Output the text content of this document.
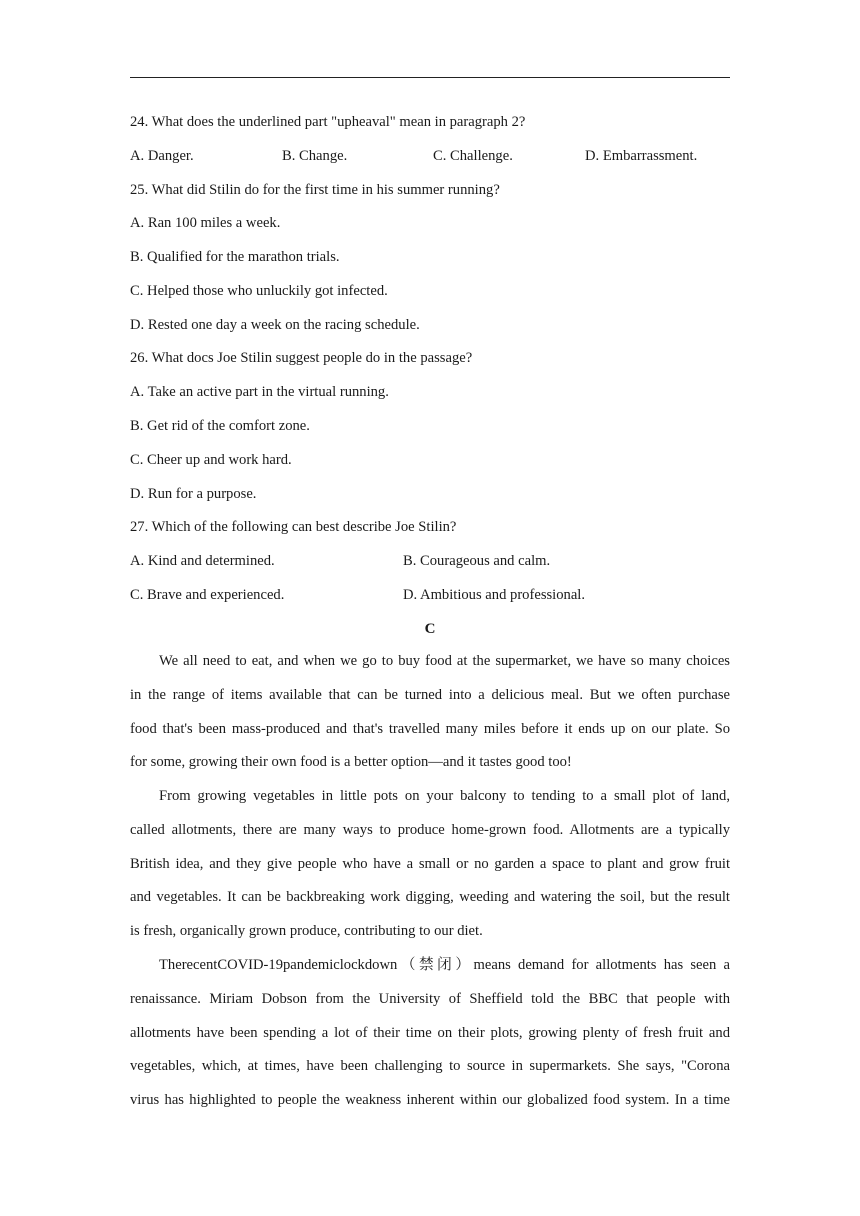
24. What does the underlined part "upheaval" mean in paragraph 2?
A. Danger.	B. Change.	C. Challenge.	D. Embarrassment.
25. What did Stilin do for the first time in his summer running?
A. Ran 100 miles a week.
B. Qualified for the marathon trials.
C. Helped those who unluckily got infected.
D. Rested one day a week on the racing schedule.
26. What docs Joe Stilin suggest people do in the passage?
A. Take an active part in the virtual running.
B. Get rid of the comfort zone.
C. Cheer up and work hard.
D. Run for a purpose.
27. Which of the following can best describe Joe Stilin?
A. Kind and determined.	B. Courageous and calm.
C. Brave and experienced.	D. Ambitious and professional.
C
We all need to eat, and when we go to buy food at the supermarket, we have so many choices
in the range of items available that can be turned into a delicious meal. But we often purchase
food that's been mass-produced and that's travelled many miles before it ends up on our plate. So
for some, growing their own food is a better option—and it tastes good too!
From growing vegetables in little pots on your balcony to tending to a small plot of land,
called allotments, there are many ways to produce home-grown food. Allotments are a typically
British idea, and they give people who have a small or no garden a space to plant and grow fruit
and vegetables. It can be backbreaking work digging, weeding and watering the soil, but the result
is fresh, organically grown produce, contributing to our diet.
TherecentCOVID-19pandemiclockdown（禁闭）means demand for allotments has seen a
renaissance. Miriam Dobson from the University of Sheffield told the BBC that people with
allotments have been spending a lot of their time on their plots, growing plenty of fresh fruit and
vegetables, which, at times, have been challenging to source in supermarkets. She says, "Corona
virus has highlighted to people the weakness inherent within our globalized food system. In a time
